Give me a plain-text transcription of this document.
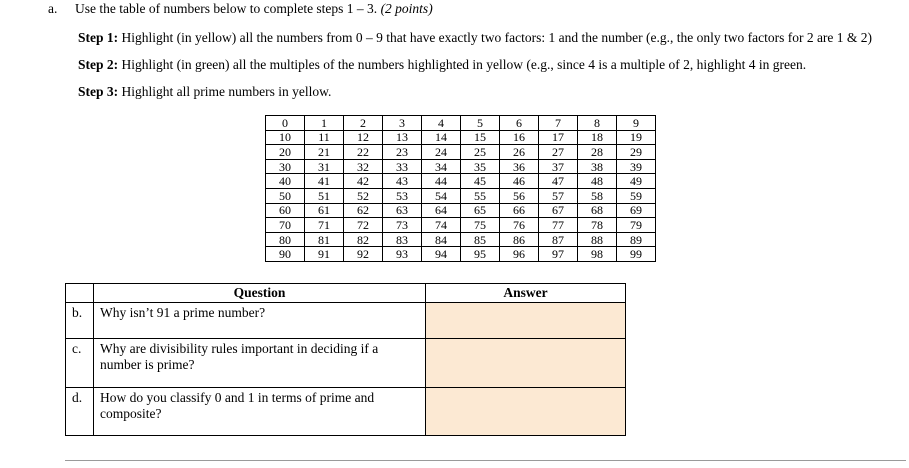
a.	Use the table of numbers below to complete steps 1 – 3. (2 points)

Step 1: Highlight (in yellow) all the numbers from 0 – 9 that have exactly two factors: 1 and the number (e.g., the only two factors for 2 are 1 & 2)

Step 2: Highlight (in green) all the multiples of the numbers highlighted in yellow (e.g., since 4 is a multiple of 2, highlight 4 in green.

Step 3: Highlight all prime numbers in yellow.

0	1	2	3	4	5	6	7	8	9
10	11	12	13	14	15	16	17	18	19
20	21	22	23	24	25	26	27	28	29
30	31	32	33	34	35	36	37	38	39
40	41	42	43	44	45	46	47	48	49
50	51	52	53	54	55	56	57	58	59
60	61	62	63	64	65	66	67	68	69
70	71	72	73	74	75	76	77	78	79
80	81	82	83	84	85	86	87	88	89
90	91	92	93	94	95	96	97	98	99
	Question	Answer
b.	Why isn’t 91 a prime number?	
c.	Why are divisibility rules important in deciding if a number is prime?	
d.	How do you classify 0 and 1 in terms of prime and composite?	
